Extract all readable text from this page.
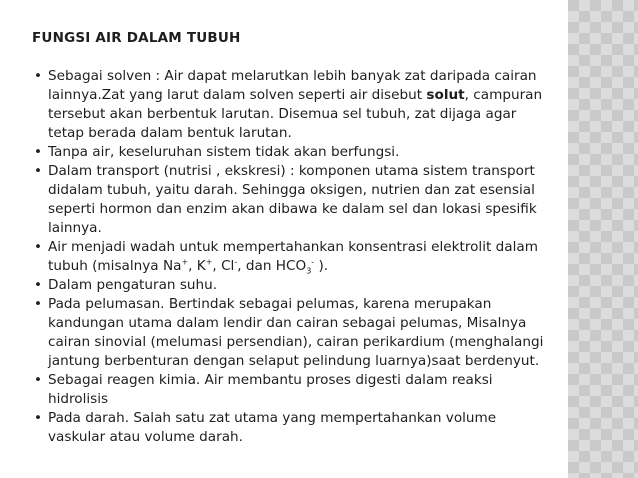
FUNGSI AIR DALAM TUBUH
• Sebagai solven : Air dapat melarutkan lebih banyak zat daripada cairan
lainnya.Zat yang larut dalam solven seperti air disebut solut, campuran
tersebut akan berbentuk larutan. Disemua sel tubuh, zat dijaga agar
tetap berada dalam bentuk larutan.
• Tanpa air, keseluruhan sistem tidak akan berfungsi.
• Dalam transport (nutrisi , ekskresi) : komponen utama sistem transport
didalam tubuh, yaitu darah. Sehingga oksigen, nutrien dan zat esensial
seperti hormon dan enzim akan dibawa ke dalam sel dan lokasi spesifik
lainnya.
• Air menjadi wadah untuk mempertahankan konsentrasi elektrolit dalam
tubuh (misalnya Na+, K+, Cl-, dan $HCO_3^-$ ).
• Dalam pengaturan suhu.
• Pada pelumasan. Bertindak sebagai pelumas, karena merupakan
kandungan utama dalam lendir dan cairan sebagai pelumas, Misalnya
cairan sinovial (melumasi persendian), cairan perikardium (menghalangi
jantung berbenturan dengan selaput pelindung luarnya)saat berdenyut.
• Sebagai reagen kimia. Air membantu proses digesti dalam reaksi
hidrolisis
• Pada darah. Salah satu zat utama yang mempertahankan volume
vaskular atau volume darah.
